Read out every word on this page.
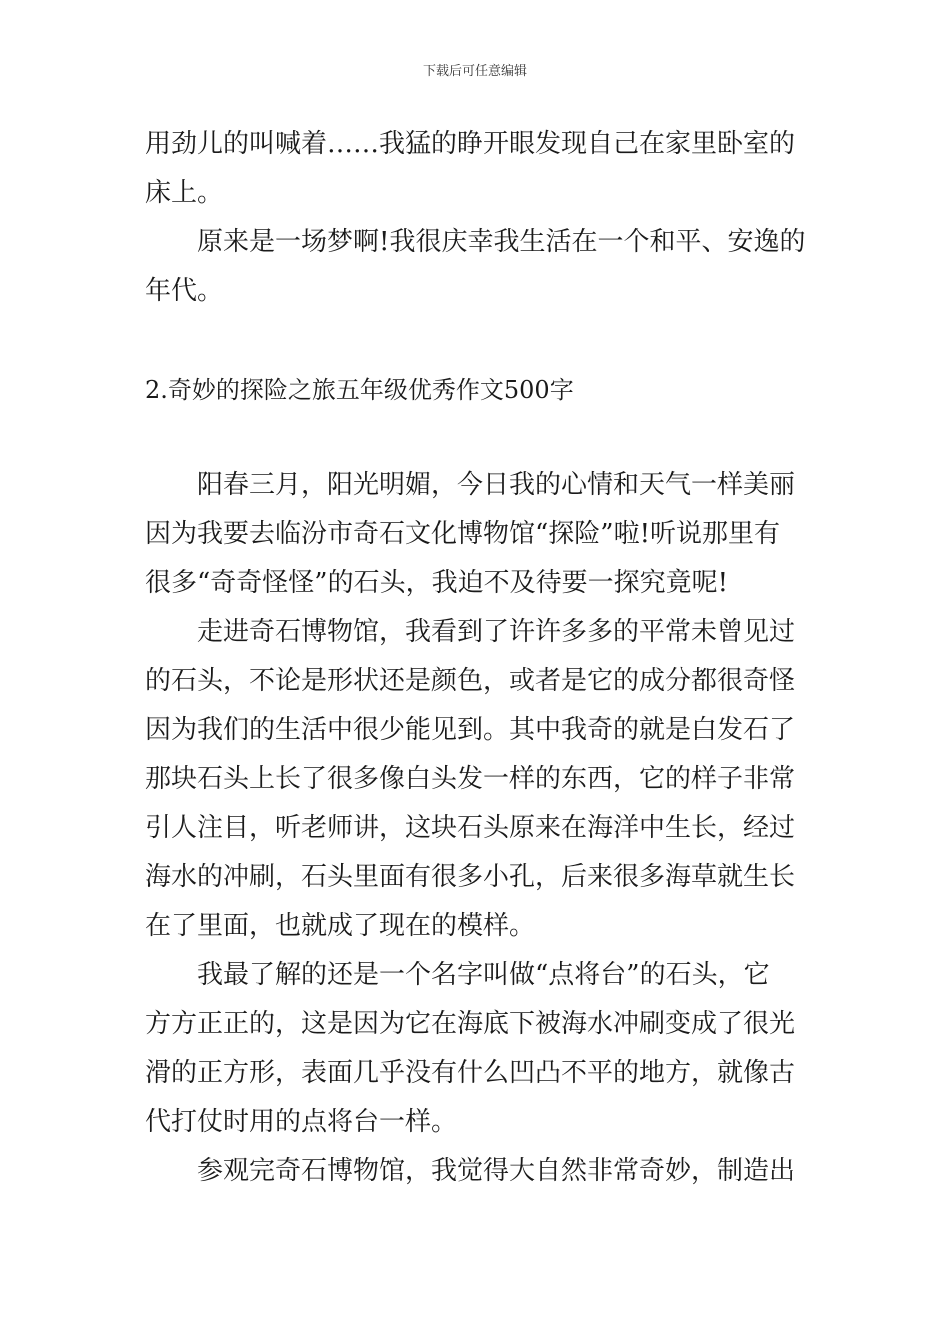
下载后可任意编辑
用劲儿的叫喊着……我猛的睁开眼发现自己在家里卧室的
床上。
原来是一场梦啊!我很庆幸我生活在一个和平、安逸的
年代。
2.奇妙的探险之旅五年级优秀作文500字
阳春三月，阳光明媚，今日我的心情和天气一样美丽
因为我要去临汾市奇石文化博物馆“探险”啦!听说那里有
很多“奇奇怪怪”的石头，我迫不及待要一探究竟呢!
走进奇石博物馆，我看到了许许多多的平常未曾见过
的石头，不论是形状还是颜色，或者是它的成分都很奇怪
因为我们的生活中很少能见到。其中我奇的就是白发石了
那块石头上长了很多像白头发一样的东西，它的样子非常
引人注目，听老师讲，这块石头原来在海洋中生长，经过
海水的冲刷，石头里面有很多小孔，后来很多海草就生长
在了里面，也就成了现在的模样。
我最了解的还是一个名字叫做“点将台”的石头，它
方方正正的，这是因为它在海底下被海水冲刷变成了很光
滑的正方形，表面几乎没有什么凹凸不平的地方，就像古
代打仗时用的点将台一样。
参观完奇石博物馆，我觉得大自然非常奇妙，制造出
